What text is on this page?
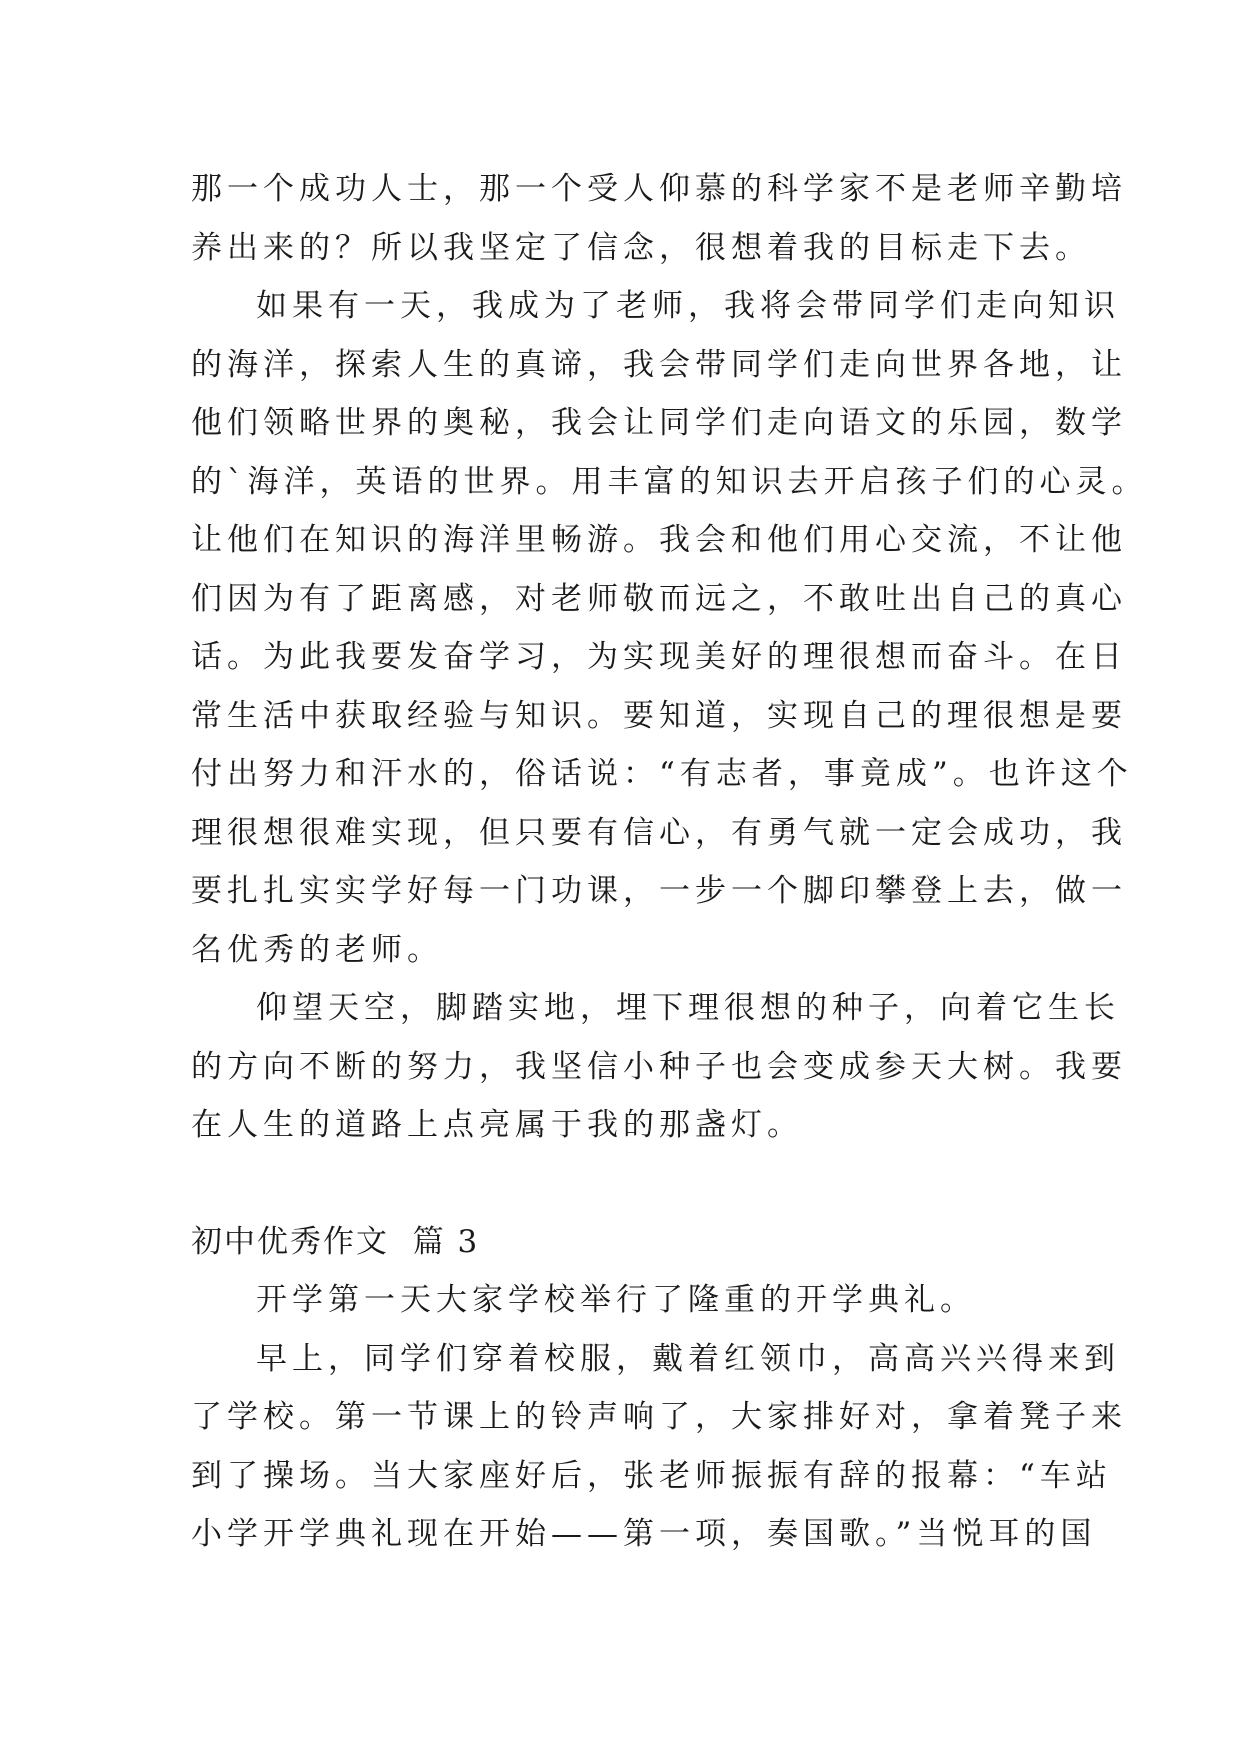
那一个成功人士，那一个受人仰慕的科学家不是老师辛勤培
养出来的？所以我坚定了信念，很想着我的目标走下去。
如果有一天，我成为了老师，我将会带同学们走向知识
的海洋，探索人生的真谛，我会带同学们走向世界各地，让
他们领略世界的奥秘，我会让同学们走向语文的乐园，数学
的`海洋，英语的世界。用丰富的知识去开启孩子们的心灵。
让他们在知识的海洋里畅游。我会和他们用心交流，不让他
们因为有了距离感，对老师敬而远之，不敢吐出自己的真心
话。为此我要发奋学习，为实现美好的理很想而奋斗。在日
常生活中获取经验与知识。要知道，实现自己的理很想是要
付出努力和汗水的，俗话说：“有志者，事竟成”。也许这个
理很想很难实现，但只要有信心，有勇气就一定会成功，我
要扎扎实实学好每一门功课，一步一个脚印攀登上去，做一
名优秀的老师。
仰望天空，脚踏实地，埋下理很想的种子，向着它生长
的方向不断的努力，我坚信小种子也会变成参天大树。我要
在人生的道路上点亮属于我的那盏灯。
初中优秀作文  篇 3
开学第一天大家学校举行了隆重的开学典礼。
早上，同学们穿着校服，戴着红领巾，高高兴兴得来到
了学校。第一节课上的铃声响了，大家排好对，拿着凳子来
到了操场。当大家座好后，张老师振振有辞的报幕：“车站
小学开学典礼现在开始——第一项，奏国歌。”当悦耳的国
